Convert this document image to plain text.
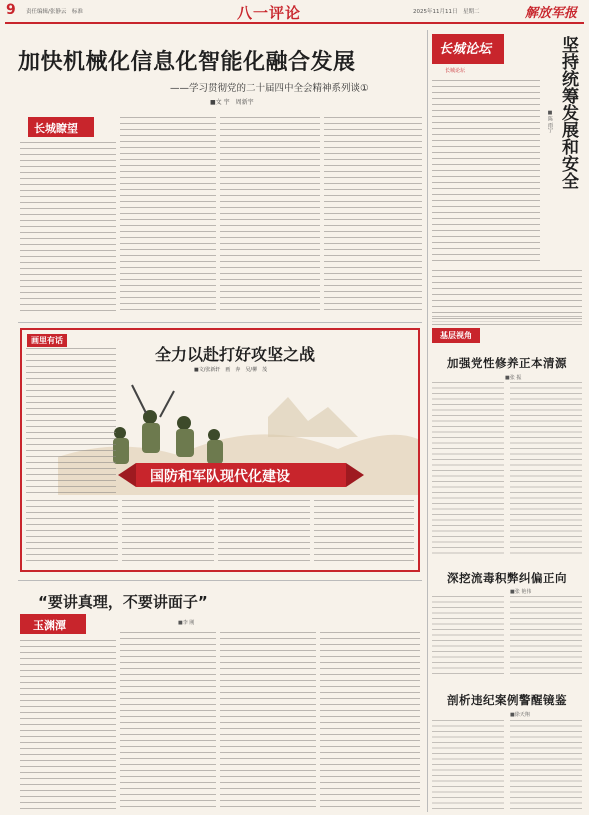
9 责任编辑/张静云　标准	八一评论	2025年11月11日　星期二	解放军报
加快机械化信息化智能化融合发展
——学习贯彻党的二十届四中全会精神系列谈①
■文 宇　周新宇
长城瞭望
长城论坛
长城论坛	坚持统筹发展和安全
■陈 雨宁
画里有话
全力以赴打好攻坚之战
■文/张新轩　画　奔　吴/柳　茂
国防和军队现代化建设
“要讲真理，不要讲面子”
■李 刚
玉渊潭
基层视角
加强党性修养正本清源
■张 振
深挖流毒积弊纠偏正向
■张 艳伟
剖析违纪案例警醒镜鉴
■徐天翔
